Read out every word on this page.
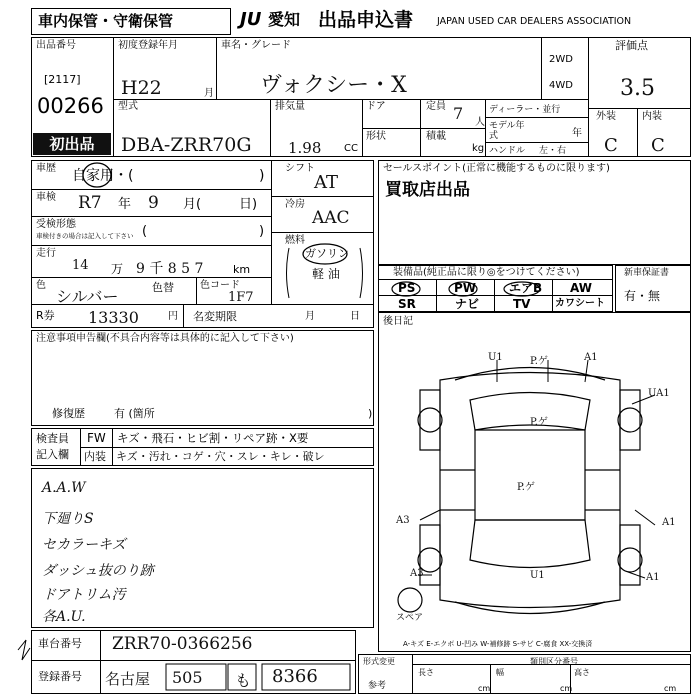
車内保管・守衛保管	JU 愛知 出品申込書	JAPAN USED CAR DEALERS ASSOCIATION
出品番号
[2117]
00266
初出品
初度登録年月
H22	月
車名・グレード
ヴォクシー・X
2WD
4WD
評価点
3.5
外装	内装
C C
型式
DBA-ZRR70G
排気量
1.98 CC
ドア	定員 7 人
形状	積載
kg
ディーラー・並行
モデル年式	年
ハンドル 左・右
車歴 自家用・(	)
車検 R7 年 9 月(	日)
受検形態
車検付きの場合は記入して下さい (	)
走行
14 万 9 千 8 5 7	km
色
シルバー	色替	色コード
1F7
R券 13330	円 名変期限	月	日
シフト
AT
冷房
AAC
燃料
ガソリン
軽 油
セールスポイント(正常に機能するものに限ります)
買取店出品
装備品(純正品に限り◎をつけてください)
PS	PW	エアB AW
SR	ナビ	TV カワシート
新車保証書
有・無
注意事項申告欄(不具合内容等は具体的に記入して下さい)
修復歴	有 (箇所	)
後日記
検査員
記入欄
FW キズ・飛石・ヒビ割・リペア跡・X要
内装 キズ・汚れ・コゲ・穴・スレ・キレ・破レ
A.A.W
下廻りS
セカラーキズ
ダッシュ抜のり跡
ドアトリム汚
各A.U.
U1	P.ゲ	A1
P.ゲ
P.ゲ
UA1
A3
A3	A1
U1
A1
スペア
A-キズ E-エクボ U-凹み W-補修跡 S-サビ C-腐食 XX-交換済
車台番号 ZRR70-0366256
登録番号 名古屋 505 も 8366
形式変更
参考
長さ
cm
幅
cm
高さ
cm
類別区分番号
